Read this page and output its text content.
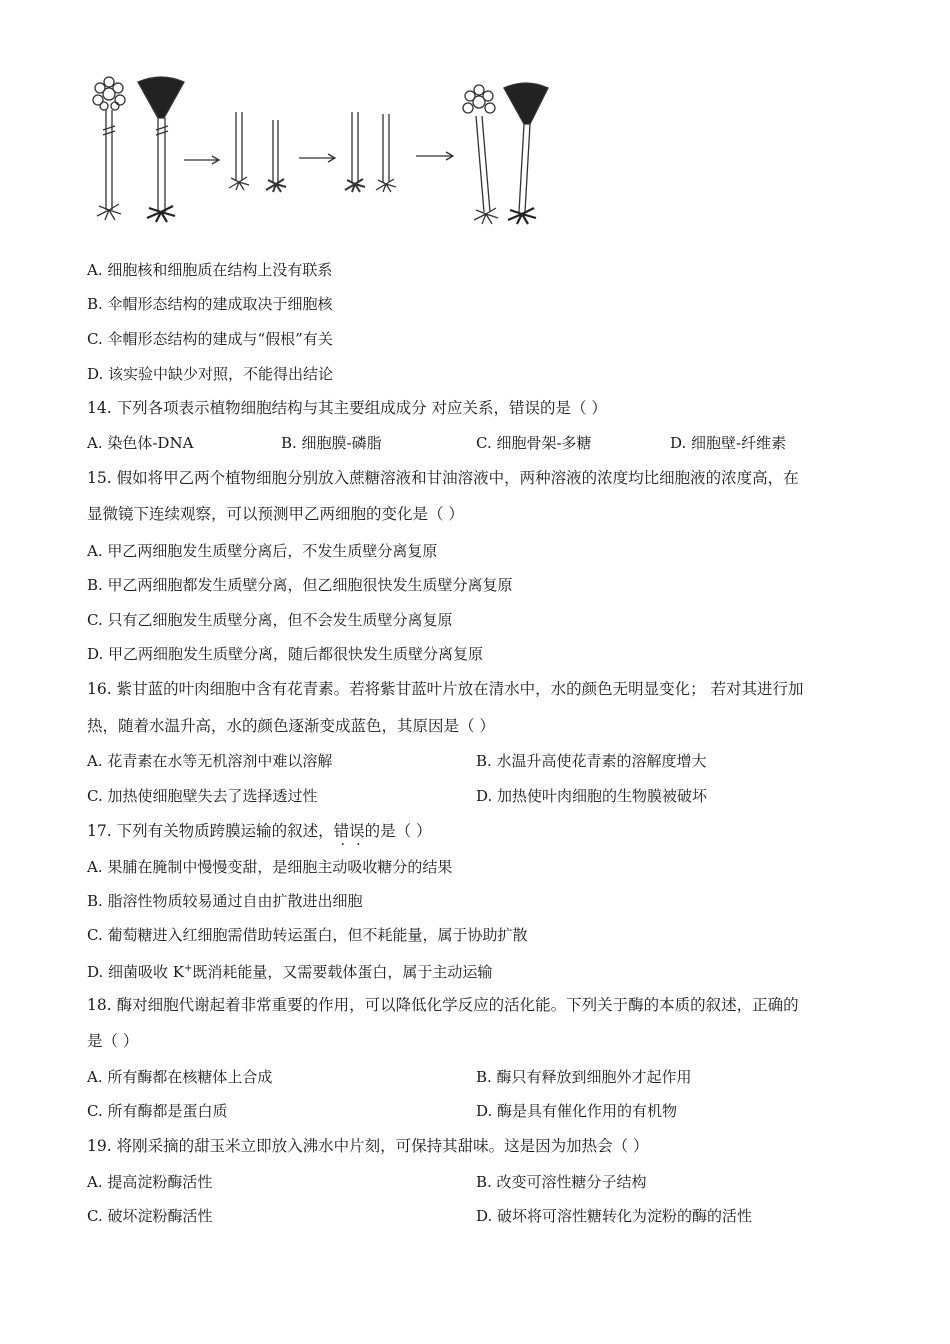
A. 细胞核和细胞质在结构上没有联系
B. 伞帽形态结构的建成取决于细胞核
C. 伞帽形态结构的建成与“假根”有关
D. 该实验中缺少对照，不能得出结论
14. 下列各项表示植物细胞结构与其主要组成成分 对应关系，错误的是（ ）
A. 染色体-DNA	B. 细胞膜-磷脂	C. 细胞骨架-多糖	D. 细胞壁-纤维素
15. 假如将甲乙两个植物细胞分别放入蔗糖溶液和甘油溶液中，两种溶液的浓度均比细胞液的浓度高，在
显微镜下连续观察，可以预测甲乙两细胞的变化是（ ）
A. 甲乙两细胞发生质壁分离后，不发生质壁分离复原
B. 甲乙两细胞都发生质壁分离，但乙细胞很快发生质壁分离复原
C. 只有乙细胞发生质壁分离，但不会发生质壁分离复原
D. 甲乙两细胞发生质壁分离，随后都很快发生质壁分离复原
16. 紫甘蓝的叶肉细胞中含有花青素。若将紫甘蓝叶片放在清水中，水的颜色无明显变化； 若对其进行加
热，随着水温升高，水的颜色逐渐变成蓝色，其原因是（ ）
A. 花青素在水等无机溶剂中难以溶解	B. 水温升高使花青素的溶解度增大
C. 加热使细胞壁失去了选择透过性	D. 加热使叶肉细胞的生物膜被破坏
17. 下列有关物质跨膜运输的叙述，错误的是（ ）
A. 果脯在腌制中慢慢变甜，是细胞主动吸收糖分的结果
B. 脂溶性物质较易通过自由扩散进出细胞
C. 葡萄糖进入红细胞需借助转运蛋白，但不耗能量，属于协助扩散
D. 细菌吸收 K+既消耗能量，又需要载体蛋白，属于主动运输
18. 酶对细胞代谢起着非常重要的作用，可以降低化学反应的活化能。下列关于酶的本质的叙述，正确的
是（ ）
A. 所有酶都在核糖体上合成	B. 酶只有释放到细胞外才起作用
C. 所有酶都是蛋白质	D. 酶是具有催化作用的有机物
19. 将刚采摘的甜玉米立即放入沸水中片刻，可保持其甜味。这是因为加热会（ ）
A. 提高淀粉酶活性	B. 改变可溶性糖分子结构
C. 破坏淀粉酶活性	D. 破坏将可溶性糖转化为淀粉的酶的活性
